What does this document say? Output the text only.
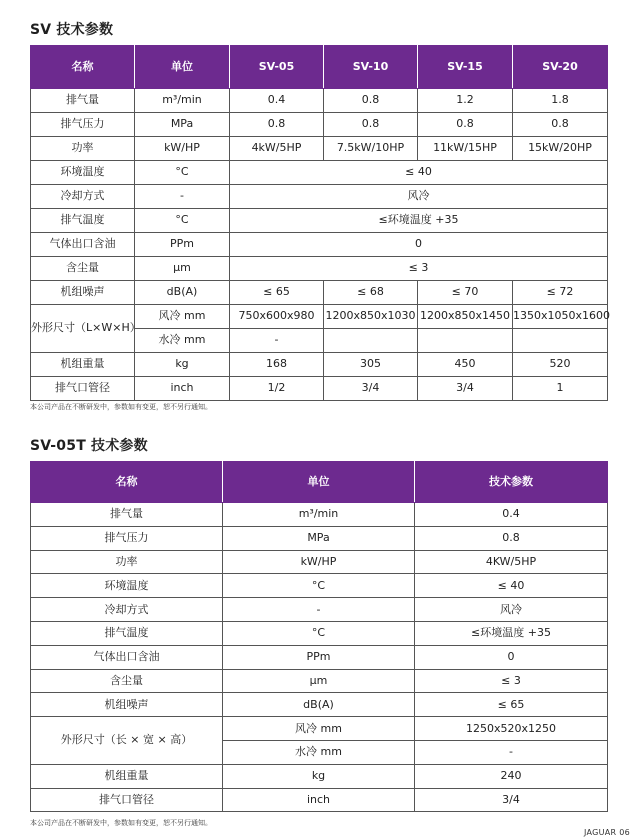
SV 技术参数
名称	单位	SV-05	SV-10	SV-15	SV-20
排气量	m³/min	0.4	0.8	1.2	1.8
排气压力	MPa	0.8	0.8	0.8	0.8
功率	kW/HP	4kW/5HP	7.5kW/10HP	11kW/15HP	15kW/20HP
环境温度	°C	≤ 40			
冷却方式	-	风冷			
排气温度	°C	≤环境温度 +35			
气体出口含油	PPm	0			
含尘量	μm	≤ 3			
机组噪声	dB(A)	≤ 65	≤ 68	≤ 70	≤ 72
外形尺寸（L×W×H）	风冷 mm	750x600x980	1200x850x1030	1200x850x1450	1350x1050x1600
	水冷 mm	-			
机组重量	kg	168	305	450	520
排气口管径	inch	1/2	3/4	3/4	1
本公司产品在不断研发中，参数如有变更，恕不另行通知。
SV-05T 技术参数
名称	单位	技术参数
排气量	m³/min	0.4
排气压力	MPa	0.8
功率	kW/HP	4KW/5HP
环境温度	°C	≤ 40
冷却方式	-	风冷
排气温度	°C	≤环境温度 +35
气体出口含油	PPm	0
含尘量	μm	≤ 3
机组噪声	dB(A)	≤ 65
外形尺寸（长 × 宽 × 高）	风冷 mm	1250x520x1250
	水冷 mm	-
机组重量	kg	240
排气口管径	inch	3/4
本公司产品在不断研发中，参数如有变更，恕不另行通知。
JAGUAR 06
